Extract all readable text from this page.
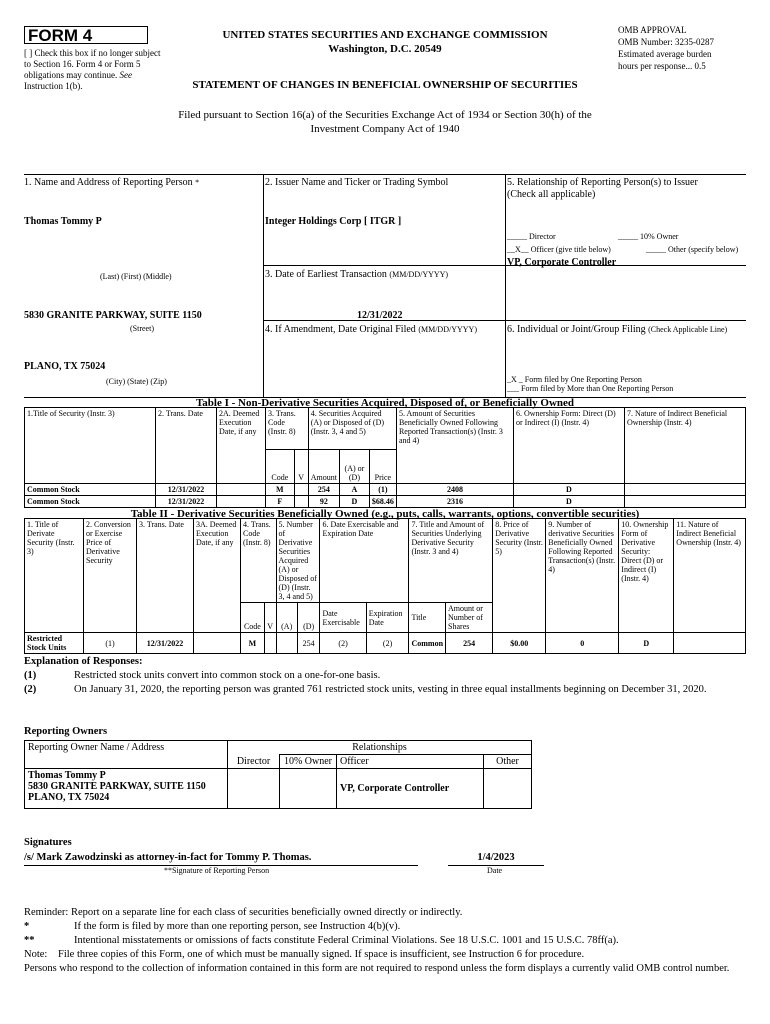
FORM 4
[ ] Check this box if no longer subject to Section 16. Form 4 or Form 5 obligations may continue. See Instruction 1(b).
UNITED STATES SECURITIES AND EXCHANGE COMMISSION
Washington, D.C. 20549
OMB APPROVAL
OMB Number: 3235-0287
Estimated average burden
hours per response... 0.5
STATEMENT OF CHANGES IN BENEFICIAL OWNERSHIP OF SECURITIES
Filed pursuant to Section 16(a) of the Securities Exchange Act of 1934 or Section 30(h) of the
Investment Company Act of 1940
1. Name and Address of Reporting Person *
Thomas Tommy P
(Last) (First) (Middle)
5830 GRANITE PARKWAY, SUITE 1150
(Street)
PLANO, TX 75024
(City) (State) (Zip)
2. Issuer Name and Ticker or Trading Symbol
Integer Holdings Corp [ ITGR ]
3. Date of Earliest Transaction (MM/DD/YYYY)
12/31/2022
4. If Amendment, Date Original Filed (MM/DD/YYYY)
5. Relationship of Reporting Person(s) to Issuer
(Check all applicable)
_____ Director	_____ 10% Owner
__X__ Officer (give title below)	_____ Other (specify below)
VP, Corporate Controller
6. Individual or Joint/Group Filing (Check Applicable Line)
_X _ Form filed by One Reporting Person
___ Form filed by More than One Reporting Person
Table I - Non-Derivative Securities Acquired, Disposed of, or Beneficially Owned
1.Title of Security (Instr. 3)	2. Trans. Date	2A. Deemed Execution Date, if any	3. Trans. Code (Instr. 8)		4. Securities Acquired (A) or Disposed of (D) (Instr. 3, 4 and 5)			5. Amount of Securities Beneficially Owned Following Reported Transaction(s) (Instr. 3 and 4)	6. Ownership Form: Direct (D) or Indirect (I) (Instr. 4)	7. Nature of Indirect Beneficial Ownership (Instr. 4)
			Code	V	Amount	(A) or (D)	Price			
Common Stock	12/31/2022		M		254	A	(1)	2408	D	
Common Stock	12/31/2022		F		92	D	$68.46	2316	D	
Table II - Derivative Securities Beneficially Owned (e.g., puts, calls, warrants, options, convertible securities)
1. Title of Derivate Security (Instr. 3)	2. Conversion or Exercise Price of Derivative Security	3. Trans. Date	3A. Deemed Execution Date, if any	4. Trans. Code (Instr. 8)		5. Number of Derivative Securities Acquired (A) or Disposed of (D) (Instr. 3, 4 and 5)		6. Date Exercisable and Expiration Date		7. Title and Amount of Securities Underlying Derivative Security (Instr. 3 and 4)		8. Price of Derivative Security (Instr. 5)	9. Number of derivative Securities Beneficially Owned Following Reported Transaction(s) (Instr. 4)	10. Ownership Form of Derivative Security: Direct (D) or Indirect (I) (Instr. 4)	11. Nature of Indirect Beneficial Ownership (Instr. 4)
				Code	V	(A)	(D)	Date Exercisable	Expiration Date	Title	Amount or Number of Shares				
Restricted Stock Units	(1)	12/31/2022		M			254	(2)	(2)	Common	254	$0.00	0	D	
Explanation of Responses:
(1)	Restricted stock units convert into common stock on a one-for-one basis.
(2)	On January 31, 2020, the reporting person was granted 761 restricted stock units, vesting in three equal installments beginning on December 31, 2020.
Reporting Owners
Reporting Owner Name / Address	Relationships			
	Director	10% Owner	Officer	Other

Thomas Tommy P
5830 GRANITE PARKWAY, SUITE 1150
PLANO, TX 75024			VP, Corporate Controller	
Signatures
/s/ Mark Zawodzinski as attorney-in-fact for Tommy P. Thomas.
**Signature of Reporting Person
1/4/2023
Date
Reminder: Report on a separate line for each class of securities beneficially owned directly or indirectly.
*	If the form is filed by more than one reporting person, see Instruction 4(b)(v).
**	Intentional misstatements or omissions of facts constitute Federal Criminal Violations. See 18 U.S.C. 1001 and 15 U.S.C. 78ff(a).
Note:	File three copies of this Form, one of which must be manually signed. If space is insufficient, see Instruction 6 for procedure.
Persons who respond to the collection of information contained in this form are not required to respond unless the form displays a currently valid OMB control number.
